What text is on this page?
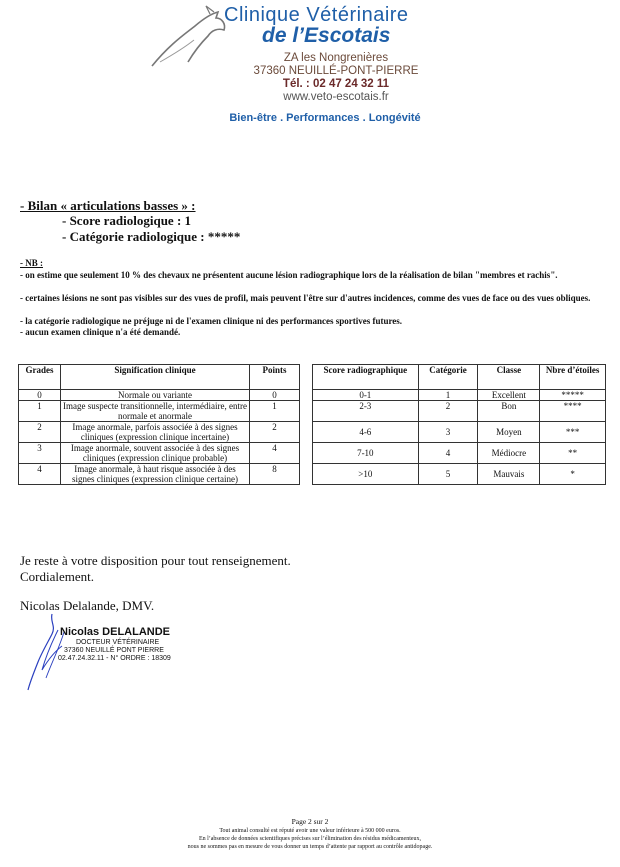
Clinique Vétérinaire
de l’Escotais
ZA les Nongrenières
37360 NEUILLÉ-PONT-PIERRE
Tél. : 02 47 24 32 11
www.veto-escotais.fr
Bien-être . Performances . Longévité
- Bilan « articulations basses » :
- Score radiologique : 1
- Catégorie radiologique : *****
- NB :
- on estime que seulement 10 % des chevaux ne présentent aucune lésion radiographique lors de la réalisation de bilan "membres et rachis".
- certaines lésions ne sont pas visibles sur des vues de profil, mais peuvent l'être sur d'autres incidences, comme des vues de face ou des vues obliques.
- la catégorie radiologique ne préjuge ni de l'examen clinique ni des performances sportives futures.
- aucun examen clinique n'a été demandé.
Grades	Signification clinique	Points
0	Normale ou variante	0
1	Image suspecte transitionnelle, intermédiaire, entre normale et anormale	1
2	Image anormale, parfois associée à des signes cliniques (expression clinique incertaine)	2
3	Image anormale, souvent associée à des signes cliniques (expression clinique probable)	4
4	Image anormale, à haut risque associée à des signes cliniques (expression clinique certaine)	8
Score radiographique	Catégorie	Classe	Nbre d’étoiles
0-1	1	Excellent	*****
2-3	2	Bon	****
4-6	3	Moyen	***
7-10	4	Médiocre	**
>10	5	Mauvais	*
Je reste à votre disposition pour tout renseignement.
Cordialement.
Nicolas Delalande, DMV.
Nicolas DELALANDE
DOCTEUR VÉTÉRINAIRE
37360 NEUILLÉ PONT PIERRE
02.47.24.32.11 - N° ORDRE : 18309
Page 2 sur 2
Tout animal consulté est réputé avoir une valeur inférieure à 500 000 euros.
En l’absence de données scientifiques précises sur l’élimination des résidus médicamenteux,
nous ne sommes pas en mesure de vous donner un temps d’attente par rapport au contrôle antidopage.
